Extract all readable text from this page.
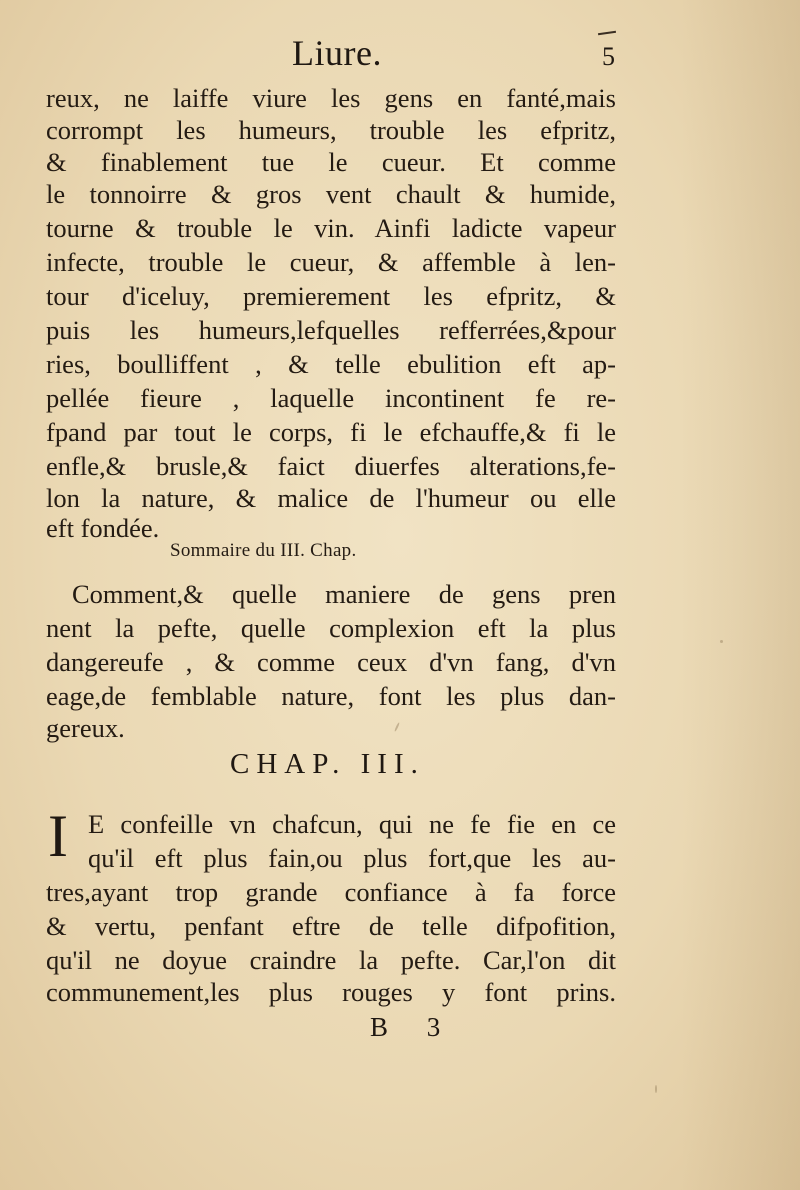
Liure.	5
reux, ne laiffe viure les gens en fanté,mais
corrompt les humeurs, trouble les efpritz,
& finablement tue le cueur. Et comme
le tonnoirre & gros vent chault & humide,
tourne & trouble le vin. Ainfi ladicte vapeur
infecte, trouble le cueur, & affemble à len-
tour d'iceluy, premierement les efpritz, &
puis les humeurs,lefquelles refferrées,&pour
ries, boulliffent , & telle ebulition eft ap-
pellée fieure , laquelle incontinent fe re-
fpand par tout le corps, fi le efchauffe,& fi le
enfle,& brusle,& faict diuerfes alterations,fe-
lon la nature, & malice de l'humeur ou elle
eft fondée.
Sommaire du III. Chap.
Comment,& quelle maniere de gens pren
nent la pefte, quelle complexion eft la plus
dangereufe , & comme ceux d'vn fang, d'vn
eage,de femblable nature, font les plus dan-
gereux.
CHAP. III.
I E confeille vn chafcun, qui ne fe fie en ce
qu'il eft plus fain,ou plus fort,que les au-
tres,ayant trop grande confiance à fa force
& vertu, penfant eftre de telle difpofition,
qu'il ne doyue craindre la pefte. Car,l'on dit
communement,les plus rouges y font prins.
B 3
